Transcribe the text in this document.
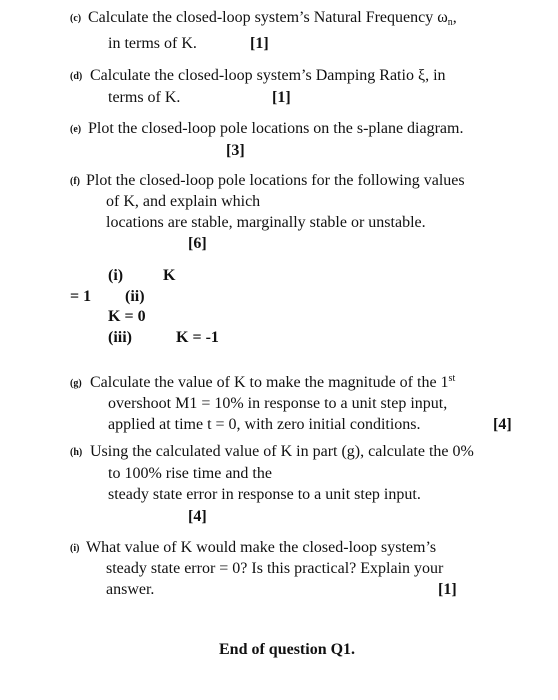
(c) Calculate the closed-loop system’s Natural Frequency $\omega_n$,
in terms of K.	[1]
(d) Calculate the closed-loop system’s Damping Ratio ξ, in
terms of K.	[1]
(e) Plot the closed-loop pole locations on the s-plane diagram.
[3]
(f) Plot the closed-loop pole locations for the following values
of K, and explain which
locations are stable, marginally stable or unstable.
[6]
(i) K
= 1 (ii)
K = 0
(iii)	K = -1
(g) Calculate the value of K to make the magnitude of the 1st
overshoot M1 = 10% in response to a unit step input,
applied at time t = 0, with zero initial conditions.	[4]
(h) Using the calculated value of K in part (g), calculate the 0%
to 100% rise time and the
steady state error in response to a unit step input.
[4]
(i) What value of K would make the closed-loop system’s
steady state error = 0? Is this practical? Explain your
answer.	[1]
End of question Q1.
